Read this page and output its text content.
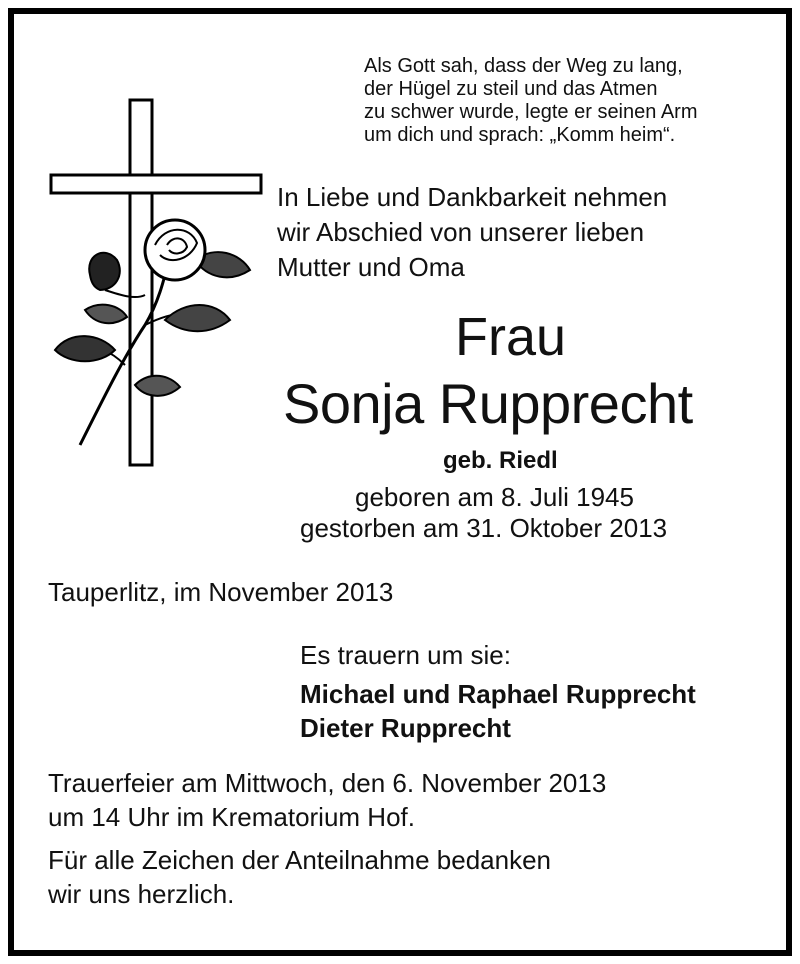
Als Gott sah, dass der Weg zu lang,
der Hügel zu steil und das Atmen
zu schwer wurde, legte er seinen Arm
um dich und sprach: „Komm heim“.
In Liebe und Dankbarkeit nehmen
wir Abschied von unserer lieben
Mutter und Oma
Frau
Sonja Rupprecht
geb. Riedl
geboren am 8. Juli 1945
gestorben am 31. Oktober 2013
Tauperlitz, im November 2013
Es trauern um sie:
Michael und Raphael Rupprecht
Dieter Rupprecht
Trauerfeier am Mittwoch, den 6. November 2013
um 14 Uhr im Krematorium Hof.
Für alle Zeichen der Anteilnahme bedanken
wir uns herzlich.
